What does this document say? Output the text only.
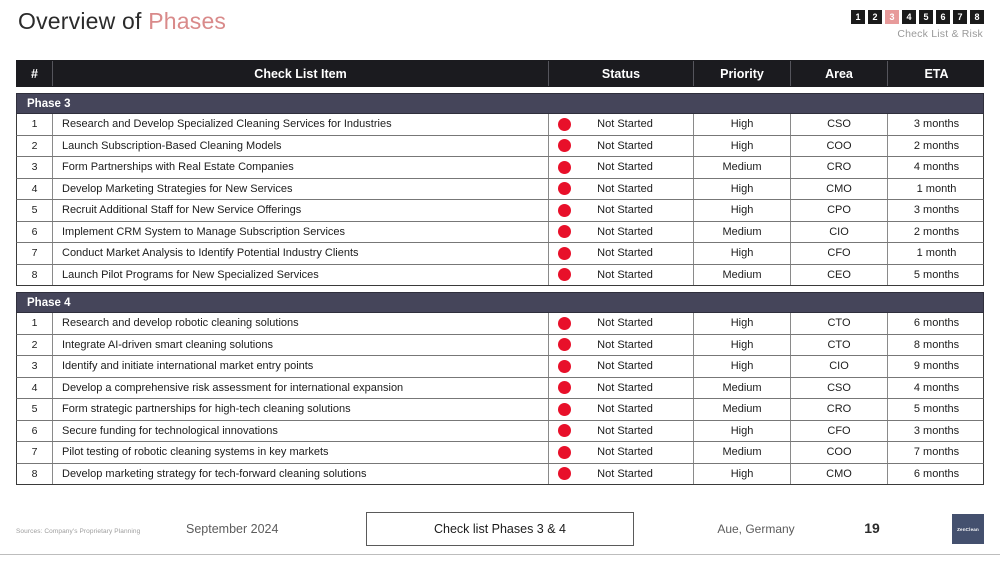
Overview of Phases	1	2	3	4	5	6	7	8
Check List & Risk
#	Check List Item	Status	Priority	Area	ETA
Phase 3
1	Research and Develop Specialized Cleaning Services for Industries	Not Started	High	CSO	3 months
2	Launch Subscription-Based Cleaning Models	Not Started	High	COO	2 months
3	Form Partnerships with Real Estate Companies	Not Started	Medium	CRO	4 months
4	Develop Marketing Strategies for New Services	Not Started	High	CMO	1 month
5	Recruit Additional Staff for New Service Offerings	Not Started	High	CPO	3 months
6	Implement CRM System to Manage Subscription Services	Not Started	Medium	CIO	2 months
7	Conduct Market Analysis to Identify Potential Industry Clients	Not Started	High	CFO	1 month
8	Launch Pilot Programs for New Specialized Services	Not Started	Medium	CEO	5 months
Phase 4
1	Research and develop robotic cleaning solutions	Not Started	High	CTO	6 months
2	Integrate AI-driven smart cleaning solutions	Not Started	High	CTO	8 months
3	Identify and initiate international market entry points	Not Started	High	CIO	9 months
4	Develop a comprehensive risk assessment for international expansion	Not Started	Medium	CSO	4 months
5	Form strategic partnerships for high-tech cleaning solutions	Not Started	Medium	CRO	5 months
6	Secure funding for technological innovations	Not Started	High	CFO	3 months
7	Pilot testing of robotic cleaning systems in key markets	Not Started	Medium	COO	7 months
8	Develop marketing strategy for tech-forward cleaning solutions	Not Started	High	CMO	6 months
Sources: Company's Proprietary Planning	September 2024	Check list Phases 3 & 4	Aue, Germany	19	ZenClean
